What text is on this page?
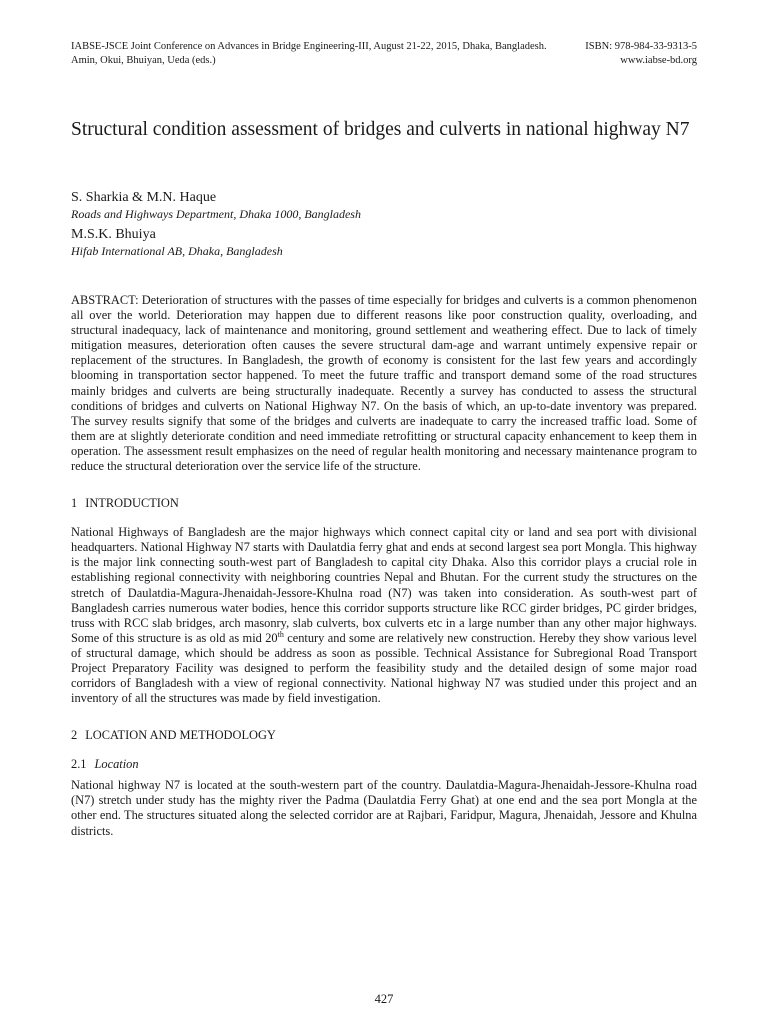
IABSE-JSCE Joint Conference on Advances in Bridge Engineering-III, August 21-22, 2015, Dhaka, Bangladesh.	ISBN: 978-984-33-9313-5
Amin, Okui, Bhuiyan, Ueda (eds.)	www.iabse-bd.org
Structural condition assessment of bridges and culverts in national highway N7
S. Sharkia & M.N. Haque
Roads and Highways Department, Dhaka 1000, Bangladesh
M.S.K. Bhuiya
Hifab International AB, Dhaka, Bangladesh

ABSTRACT: Deterioration of structures with the passes of time especially for bridges and culverts is a common phenomenon all over the world. Deterioration may happen due to different reasons like poor construction quality, overloading, and structural inadequacy, lack of maintenance and monitoring, ground settlement and weathering effect. Due to lack of timely mitigation measures, deterioration often causes the severe structural dam-age and warrant untimely expensive repair or replacement of the structures. In Bangladesh, the growth of economy is consistent for the last few years and accordingly blooming in transportation sector happened. To meet the future traffic and transport demand some of the road structures mainly bridges and culverts are being structurally inadequate. Recently a survey has conducted to assess the structural conditions of bridges and culverts on National Highway N7. On the basis of which, an up-to-date inventory was prepared. The survey results signify that some of the bridges and culverts are inadequate to carry the increased traffic load. Some of them are at slightly deteriorate condition and need immediate retrofitting or structural capacity enhancement to keep them in operation. The assessment result emphasizes on the need of regular health monitoring and necessary maintenance program to reduce the structural deterioration over the service life of the structure.

1 INTRODUCTION

National Highways of Bangladesh are the major highways which connect capital city or land and sea port with divisional headquarters. National Highway N7 starts with Daulatdia ferry ghat and ends at second largest sea port Mongla. This highway is the major link connecting south-west part of Bangladesh to capital city Dhaka. Also this corridor plays a crucial role in establishing regional connectivity with neighboring countries Nepal and Bhutan. For the current study the structures on the stretch of Daulatdia-Magura-Jhenaidah-Jessore-Khulna road (N7) was taken into consideration. As south-west part of Bangladesh carries numerous water bodies, hence this corridor supports structure like RCC girder bridges, PC girder bridges, truss with RCC slab bridges, arch masonry, slab culverts, box culverts etc in a large number than any other major highways. Some of this structure is as old as mid 20th century and some are relatively new construction. Hereby they show various level of structural damage, which should be address as soon as possible. Technical Assistance for Subregional Road Transport Project Preparatory Facility was designed to perform the feasibility study and the detailed design of some major road corridors of Bangladesh with a view of regional connectivity. National highway N7 was studied under this project and an inventory of all the structures was made by field investigation.

2 LOCATION AND METHODOLOGY
2.1 Location

National highway N7 is located at the south-western part of the country. Daulatdia-Magura-Jhenaidah-Jessore-Khulna road (N7) stretch under study has the mighty river the Padma (Daulatdia Ferry Ghat) at one end and the sea port Mongla at the other end. The structures situated along the selected corridor are at Rajbari, Faridpur, Magura, Jhenaidah, Jessore and Khulna districts.

427
